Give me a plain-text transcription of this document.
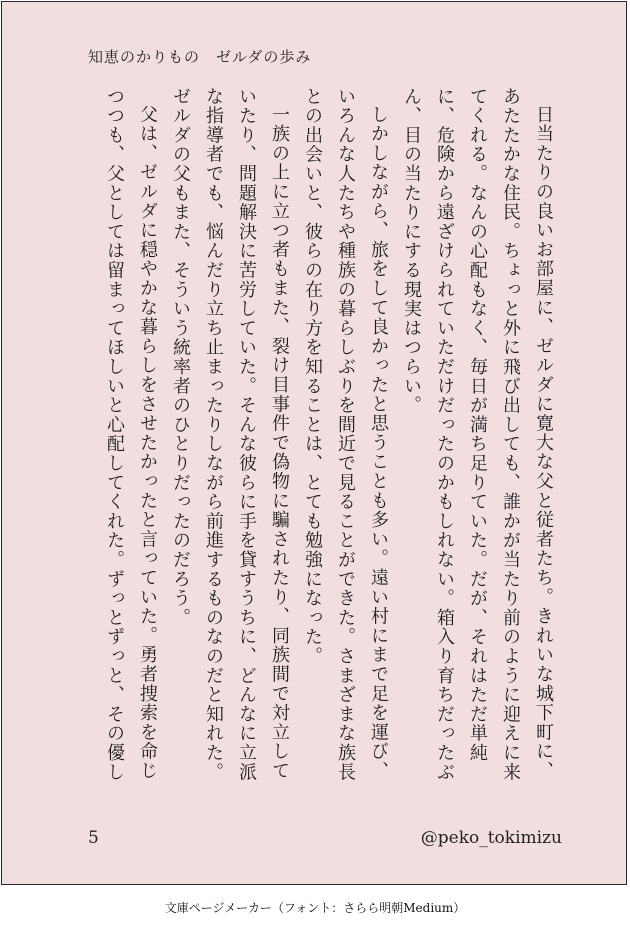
知恵のかりもの　ゼルダの歩み

日当たりの良いお部屋に、ゼルダに寛大な父と従者たち。きれいな城下町に、あたたかな住民。ちょっと外に飛び出しても、誰かが当たり前のように迎えに来てくれる。なんの心配もなく、毎日が満ち足りていた。だが、それはただ単純に、危険から遠ざけられていただけだったのかもしれない。箱入り育ちだったぶん、目の当たりにする現実はつらい。

しかしながら、旅をして良かったと思うことも多い。遠い村にまで足を運び、いろんな人たちや種族の暮らしぶりを間近で見ることができた。さまざまな族長との出会いと、彼らの在り方を知ることは、とても勉強になった。

一族の上に立つ者もまた、裂け目事件で偽物に騙されたり、同族間で対立していたり、問題解決に苦労していた。そんな彼らに手を貸すうちに、どんなに立派な指導者でも、悩んだり立ち止まったりしながら前進するものなのだと知れた。ゼルダの父もまた、そういう統率者のひとりだったのだろう。

父は、ゼルダに穏やかな暮らしをさせたかったと言っていた。勇者捜索を命じつつも、父としては留まってほしいと心配してくれた。ずっとずっと、その優し

5	@peko_tokimizu
文庫ページメーカー（フォント：さらら明朝Medium）
